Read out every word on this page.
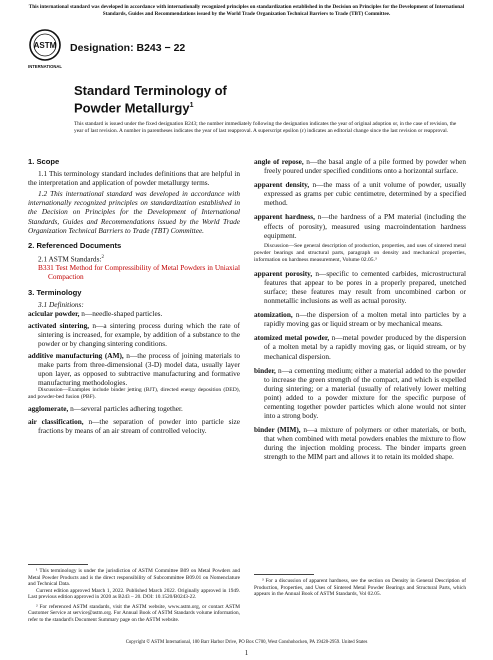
This international standard was developed in accordance with internationally recognized principles on standardization established in the Decision on Principles for the Development of International Standards, Guides and Recommendations issued by the World Trade Organization Technical Barriers to Trade (TBT) Committee.
ASTM
INTERNATIONAL
Designation: B243 − 22
Standard Terminology of
Powder Metallurgy$^1$
This standard is issued under the fixed designation B243; the number immediately following the designation indicates the year of original adoption or, in the case of revision, the year of last revision. A number in parentheses indicates the year of last reapproval. A superscript epsilon (ε) indicates an editorial change since the last revision or reapproval.

1. Scope

1.1 This terminology standard includes definitions that are helpful in the interpretation and application of powder metallurgy terms.

1.2 This international standard was developed in accordance with internationally recognized principles on standardization established in the Decision on Principles for the Development of International Standards, Guides and Recommendations issued by the World Trade Organization Technical Barriers to Trade (TBT) Committee.

2. Referenced Documents

2.1 ASTM Standards:$^2$

B331 Test Method for Compressibility of Metal Powders in Uniaxial Compaction

3. Terminology

3.1 Definitions:

acicular powder, n—needle-shaped particles.

activated sintering, n—a sintering process during which the rate of sintering is increased, for example, by addition of a substance to the powder or by changing sintering conditions.

additive manufacturing (AM), n—the process of joining materials to make parts from three-dimensional (3-D) model data, usually layer upon layer, as opposed to subtractive manufacturing and formative manufacturing methodologies.

Discussion—Examples include binder jetting (BJT), directed energy deposition (DED), and powder-bed fusion (PBF).

agglomerate, n—several particles adhering together.

air classification, n—the separation of powder into particle size fractions by means of an air stream of controlled velocity.

¹ This terminology is under the jurisdiction of ASTM Committee B09 on Metal Powders and Metal Powder Products and is the direct responsibility of Subcommittee B09.01 on Nomenclature and Technical Data.

Current edition approved March 1, 2022. Published March 2022. Originally approved in 1949. Last previous edition approved in 2020 as B243 – 20. DOI: 10.1520/B0243-22.

² For referenced ASTM standards, visit the ASTM website, www.astm.org, or contact ASTM Customer Service at service@astm.org. For Annual Book of ASTM Standards volume information, refer to the standard's Document Summary page on the ASTM website.

angle of repose, n—the basal angle of a pile formed by powder when freely poured under specified conditions onto a horizontal surface.

apparent density, n—the mass of a unit volume of powder, usually expressed as grams per cubic centimetre, determined by a specified method.

apparent hardness, n—the hardness of a PM material (including the effects of porosity), measured using macroindentation hardness equipment.

Discussion—See general description of production, properties, and uses of sintered metal powder bearings and structural parts, paragraph on density and mechanical properties, information on hardness measurement, Volume 02.05.³

apparent porosity, n—specific to cemented carbides, microstructural features that appear to be pores in a properly prepared, unetched surface; these features may result from uncombined carbon or nonmetallic inclusions as well as actual porosity.

atomization, n—the dispersion of a molten metal into particles by a rapidly moving gas or liquid stream or by mechanical means.

atomized metal powder, n—metal powder produced by the dispersion of a molten metal by a rapidly moving gas, or liquid stream, or by mechanical dispersion.

binder, n—a cementing medium; either a material added to the powder to increase the green strength of the compact, and which is expelled during sintering; or a material (usually of relatively lower melting point) added to a powder mixture for the specific purpose of cementing together powder particles which alone would not sinter into a strong body.

binder (MIM), n—a mixture of polymers or other materials, or both, that when combined with metal powders enables the mixture to flow during the injection molding process. The binder imparts green strength to the MIM part and allows it to retain its molded shape.

³ For a discussion of apparent hardness, see the section on Density in General Description of Production, Properties, and Uses of Sintered Metal Powder Bearings and Structural Parts, which appears in the Annual Book of ASTM Standards, Vol 02.05.

Copyright © ASTM International, 100 Barr Harbor Drive, PO Box C700, West Conshohocken, PA 19428-2959. United States
1
